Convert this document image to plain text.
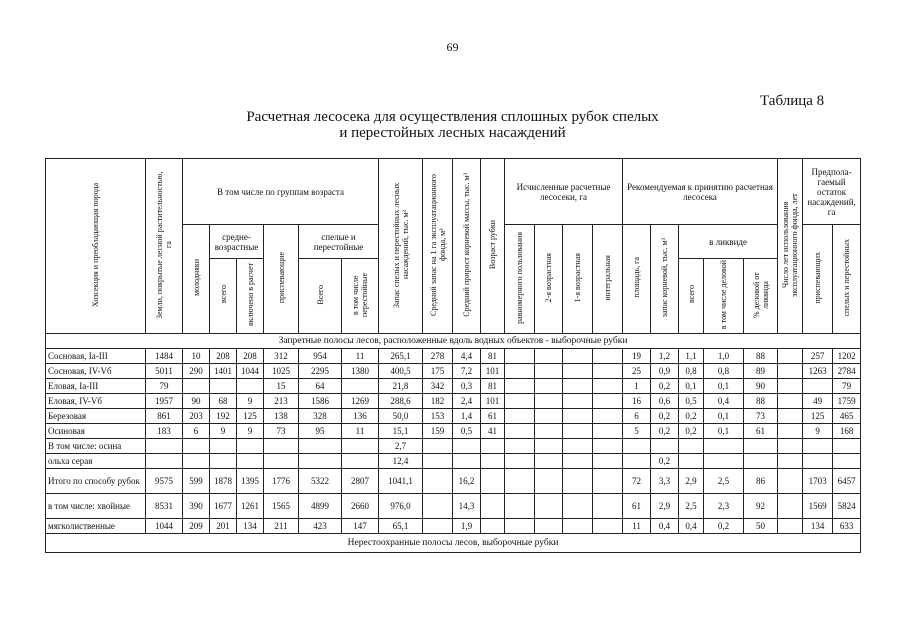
69
Таблица 8
Расчетная лесосека для осуществления сплошных рубок спелых
и перестойных лесных насаждений
Хозсекция и преобладающая порода	Земли, покрытые лесной растительностью, га	В том числе по группам возраста						Запас спелых и перестойных лесных насаждений, тыс. м³	Средний запас на 1 га эксплуатационного фонда, м³	Средний прирост корневой массы, тыс. м³	Возраст рубки	Исчисленные расчетные лесосеки, га				Рекомендуемая к принятию расчетная лесосека					Число лет использования эксплуатационного фонда, лет	Предпола-гаемый остаток насаждений, га	
		молодняки	средне-возрастные		приспевающие	спелые и перестойные						равномерного пользования	2-я возрастная	1-я возрастная	интегральная	площадь, га	запас корневой, тыс. м³	в ликвиде				приспевающих	спелых и перестойных
			всего	включено в расчет		Всего	в том числе перестойные											всего	в том числе деловой	% деловой от ликвида			
Запретные полосы лесов, расположенные вдоль водных объектов - выборочные рубки																							
Сосновая, Ia-III	1484	10	208	208	312	954	11	265,1	278	4,4	81					19	1,2	1,1	1,0	88		257	1202
Сосновая, IV-Vб	5011	290	1401	1044	1025	2295	1380	400,5	175	7,2	101					25	0,9	0,8	0,8	89		1263	2784
Еловая, Ia-III	79				15	64		21,8	342	0,3	81					1	0,2	0,1	0,1	90			79
Еловая, IV-Vб	1957	90	68	9	213	1586	1269	288,6	182	2,4	101					16	0,6	0,5	0,4	88		49	1759
Березовая	861	203	192	125	138	328	136	50,0	153	1,4	61					6	0,2	0,2	0,1	73		125	465
Осиновая	183	6	9	9	73	95	11	15,1	159	0,5	41					5	0,2	0,2	0,1	61		9	168
В том числе: осина								2,7															
ольха серая								12,4									0,2						
Итого по способу рубок	9575	599	1878	1395	1776	5322	2807	1041,1		16,2						72	3,3	2,9	2,5	86		1703	6457
в том числе: хвойные	8531	390	1677	1261	1565	4899	2660	976,0		14,3						61	2,9	2,5	2,3	92		1569	5824
мягколиственные	1044	209	201	134	211	423	147	65,1		1,9						11	0,4	0,4	0,2	50		134	633
Нерестоохранные полосы лесов, выборочные рубки																							
